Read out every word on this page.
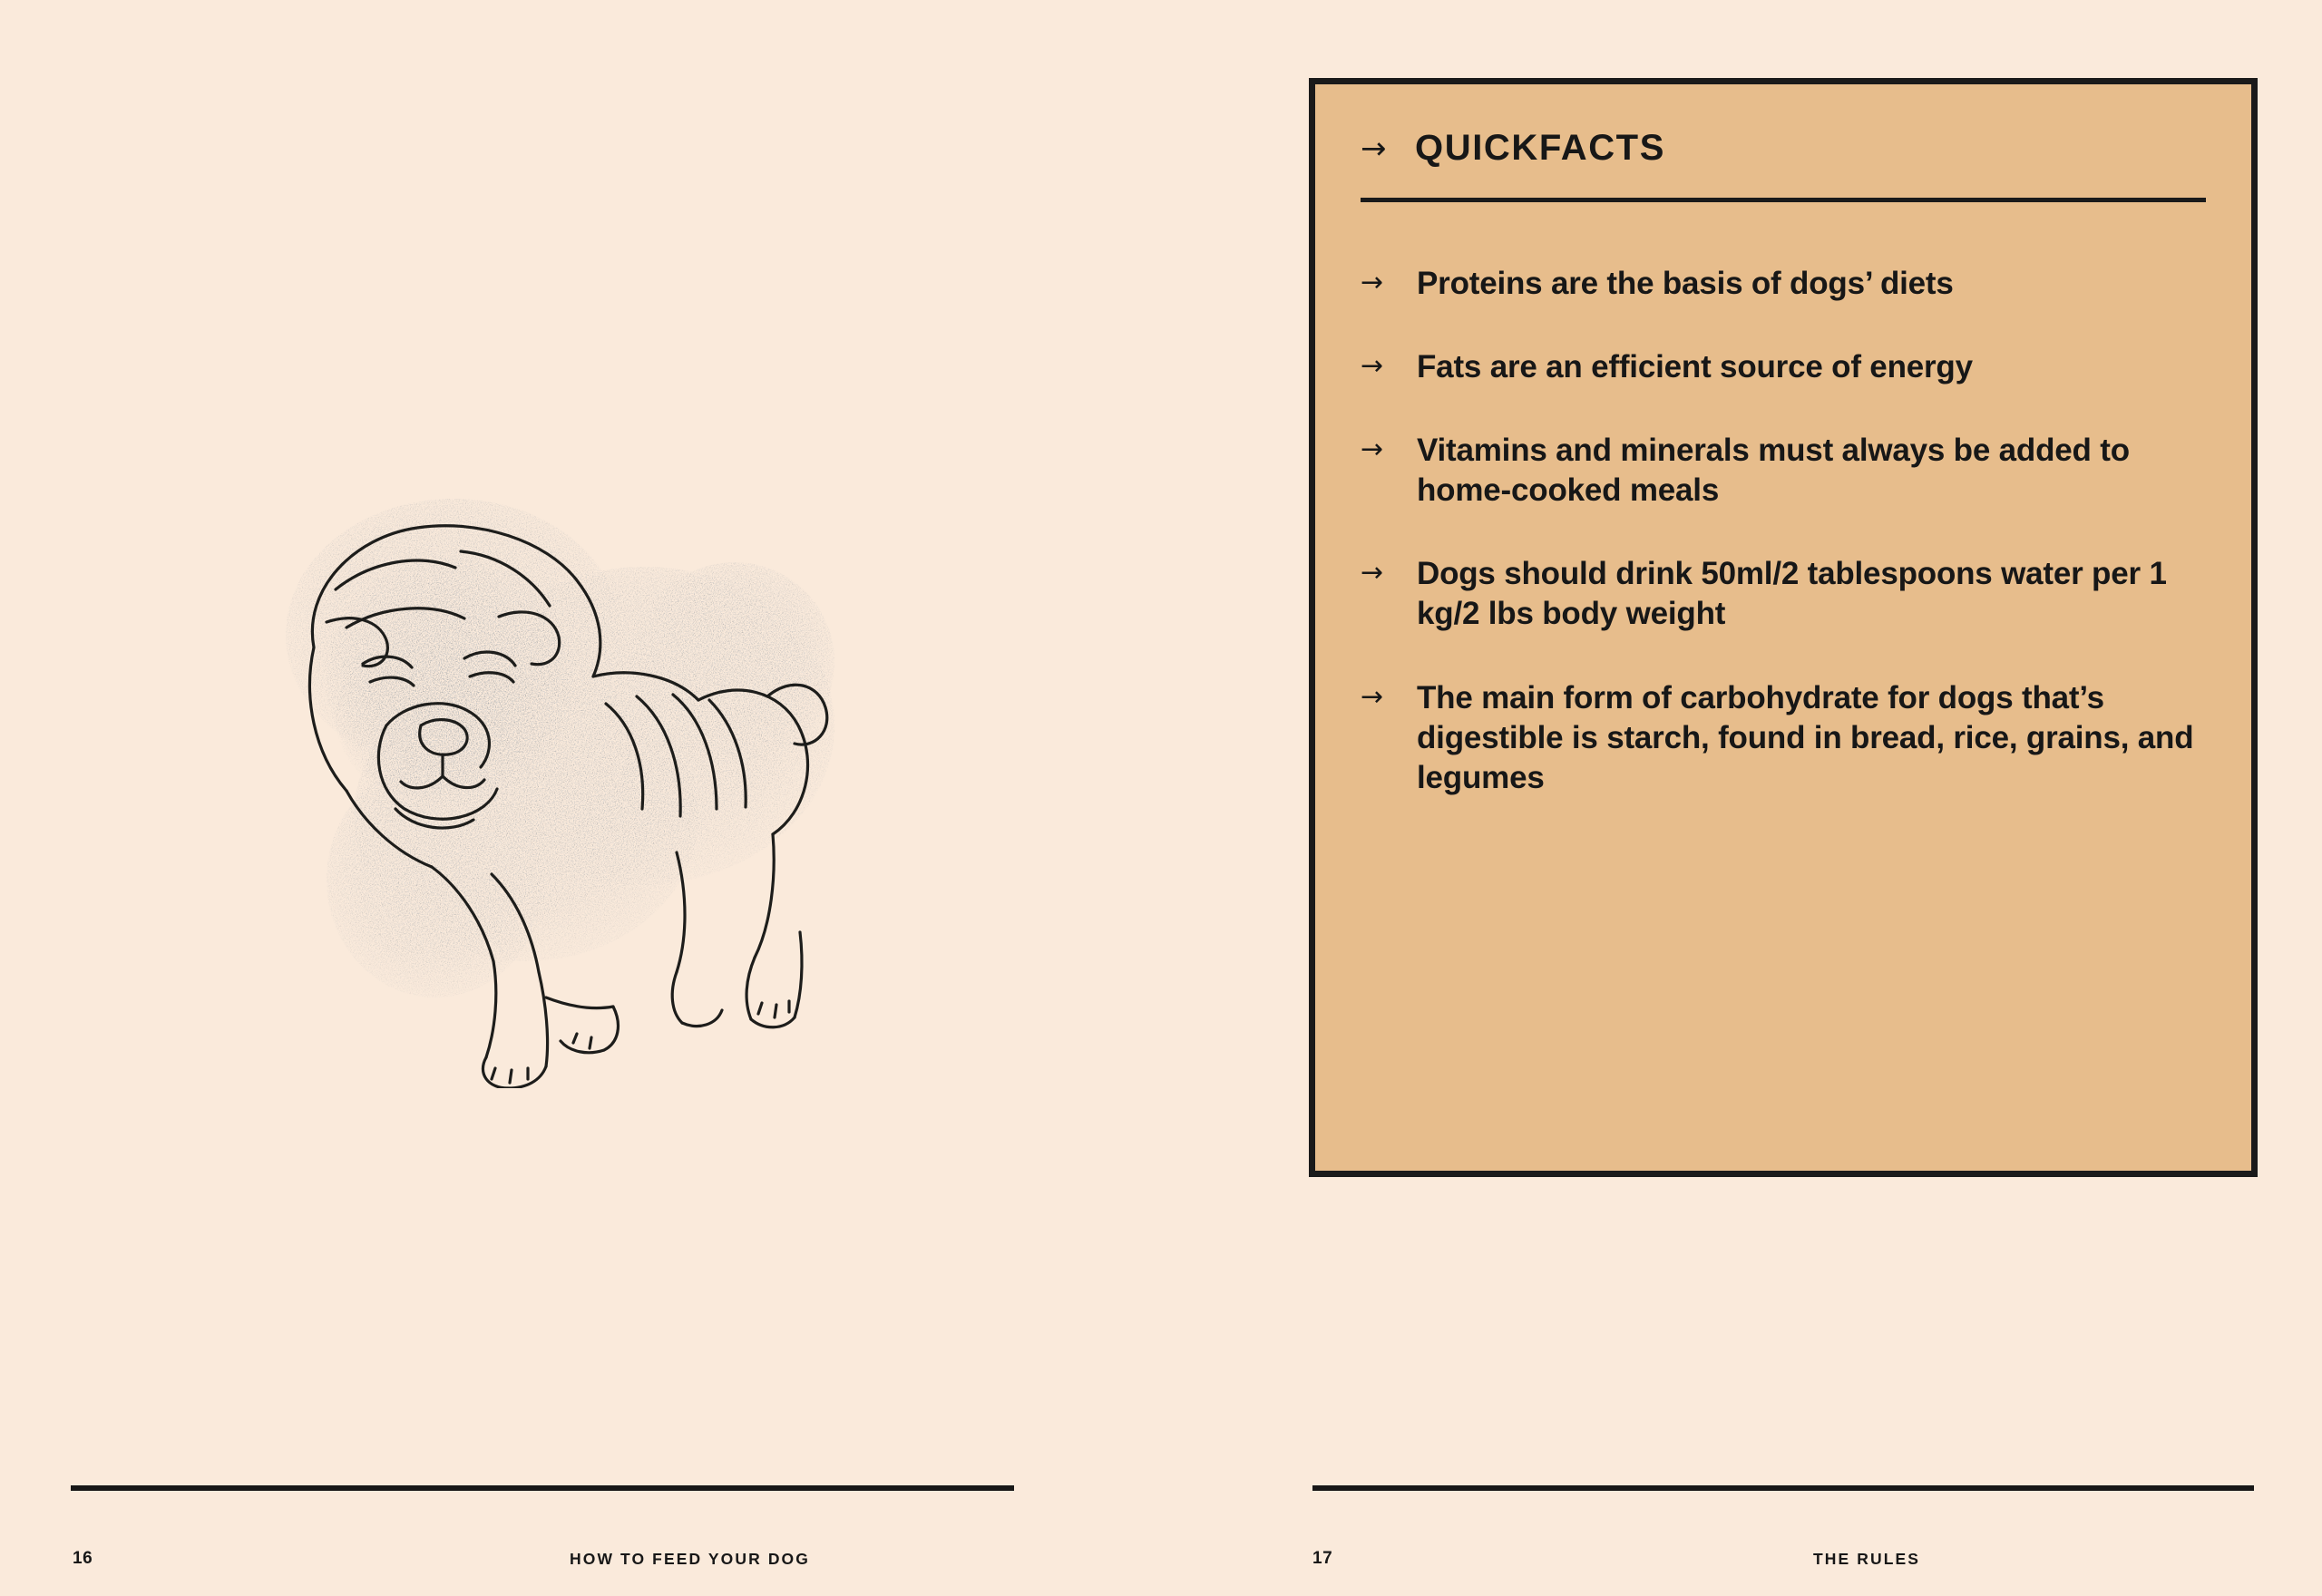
16	HOW TO FEED YOUR DOG
→ QUICKFACTS
→	Proteins are the basis of dogs’ diets
→	Fats are an efficient source of energy
→	Vitamins and minerals must always be added to home-cooked meals
→	Dogs should drink 50ml/2 tablespoons water per 1 kg/2 lbs body weight
→	The main form of carbohydrate for dogs that’s digestible is starch, found in bread, rice, grains, and legumes
17	THE RULES
